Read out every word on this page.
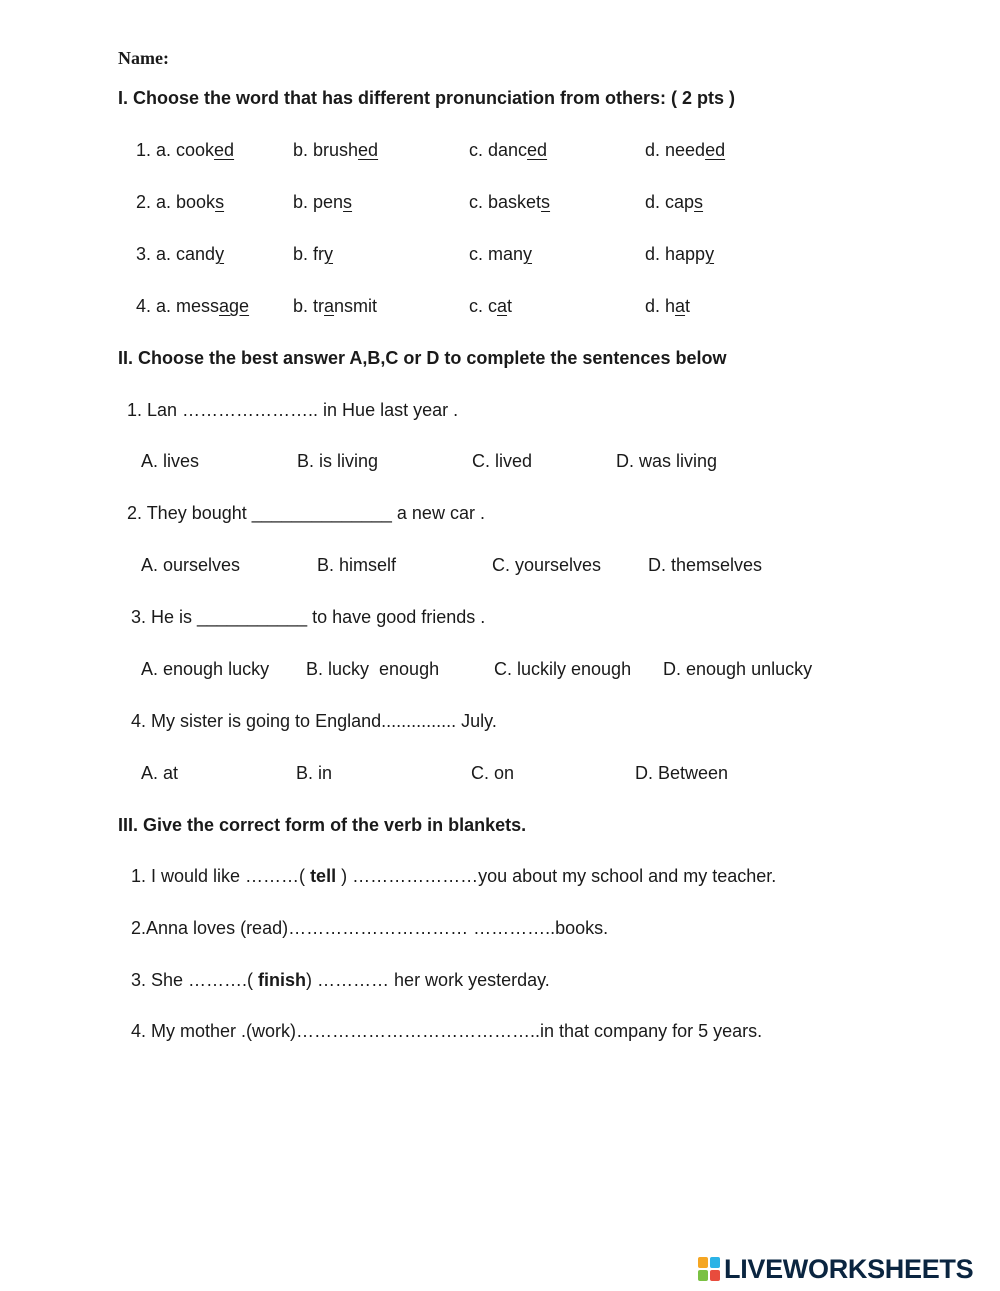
Name:
I. Choose the word that has different pronunciation from others: ( 2 pts )
II. Choose the best answer A,B,C or D to complete the sentences below
III. Give the correct form of the verb in blankets.
LIVEWORKSHEETS
1. a. cooked	b. brushed	c. danced	d. needed
2. a. books	b. pens	c. baskets	d. caps
3. a. candy	b. fry	c. many	d. happy
4. a. message b. transmit	c. cat	d. hat
1. Lan ………………….. in Hue last year .
A. lives	B. is living	C. lived	D. was living
2. They bought ______________ a new car .
A. ourselves	B. himself	C. yourselves	D. themselves
3. He is ___________ to have good friends .
A. enough lucky B. lucky  enough	C. luckily enough D. enough unlucky
4. My sister is going to England............... July.
A. at	B. in	C. on	D. Between
1. I would like ………( tell ) …………………you about my school and my teacher.
2.Anna loves (read)………………………… …………..books.
3. She ……….( finish) ………… her work yesterday.
4. My mother .(work)…………………………………..in that company for 5 years.
